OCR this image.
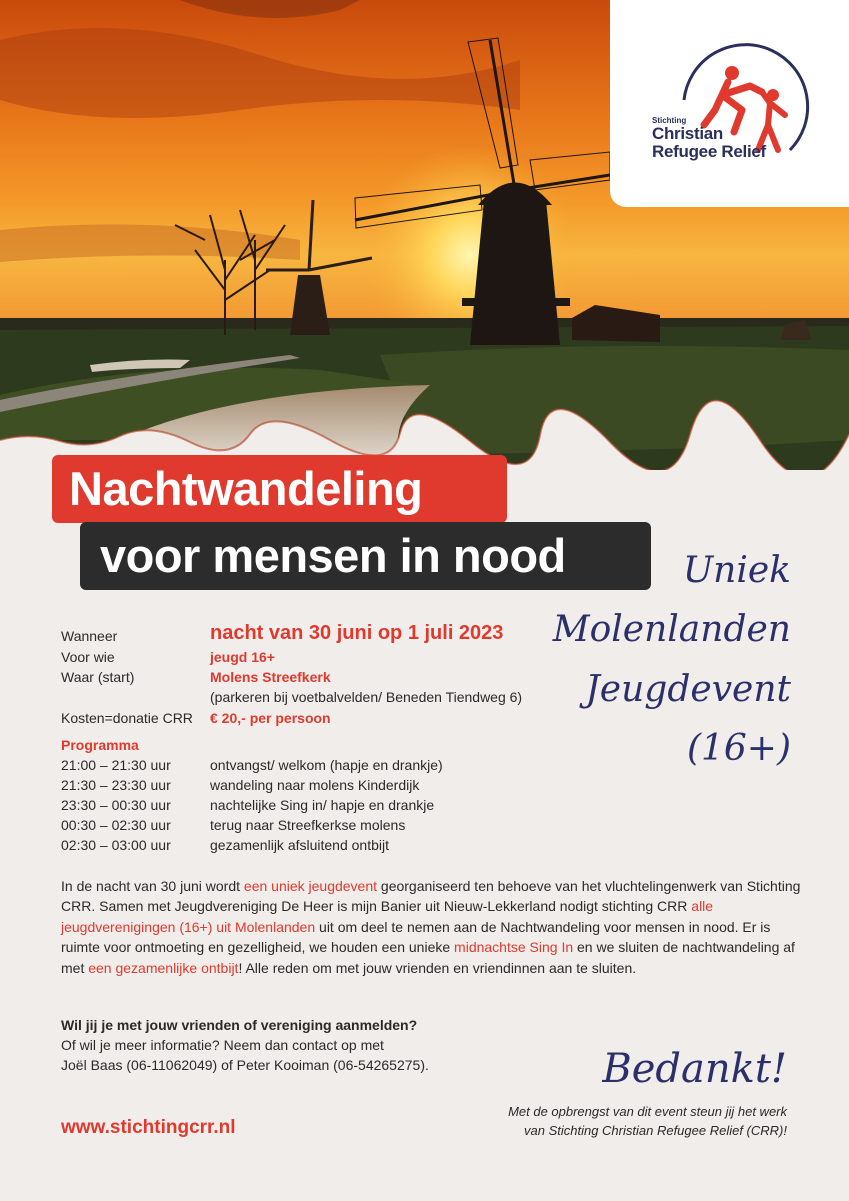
Stichting
Christian
Refugee Relief
Nachtwandeling
voor mensen in nood	Uniek
Molenlanden
Jeugdevent
(16+)
Wanneer	nacht van 30 juni op 1 juli 2023
Voor wie	jeugd 16+
Waar (start)	Molens Streefkerk
(parkeren bij voetbalvelden/ Beneden Tiendweg 6)
Kosten=donatie CRR € 20,- per persoon
Programma
21:00 – 21:30 uur	ontvangst/ welkom (hapje en drankje)
21:30 – 23:30 uur	wandeling naar molens Kinderdijk
23:30 – 00:30 uur	nachtelijke Sing in/ hapje en drankje
00:30 – 02:30 uur	terug naar Streefkerkse molens
02:30 – 03:00 uur	gezamenlijk afsluitend ontbijt

In de nacht van 30 juni wordt een uniek jeugdevent georganiseerd ten behoeve van het vluchtelingenwerk van Stichting CRR. Samen met Jeugdvereniging De Heer is mijn Banier uit Nieuw-Lekkerland nodigt stichting CRR alle jeugdverenigingen (16+) uit Molenlanden uit om deel te nemen aan de Nachtwandeling voor mensen in nood. Er is ruimte voor ontmoeting en gezelligheid, we houden een unieke midnachtse Sing In en we sluiten de nachtwandeling af met een gezamenlijke ontbijt! Alle reden om met jouw vrienden en vriendinnen aan te sluiten.

Wil jij je met jouw vrienden of vereniging aanmelden?
Of wil je meer informatie? Neem dan contact op met
Joël Baas (06-11062049) of Peter Kooiman (06-54265275).
www.stichtingcrr.nl
Bedankt!
Met de opbrengst van dit event steun jij het werk
van Stichting Christian Refugee Relief (CRR)!
